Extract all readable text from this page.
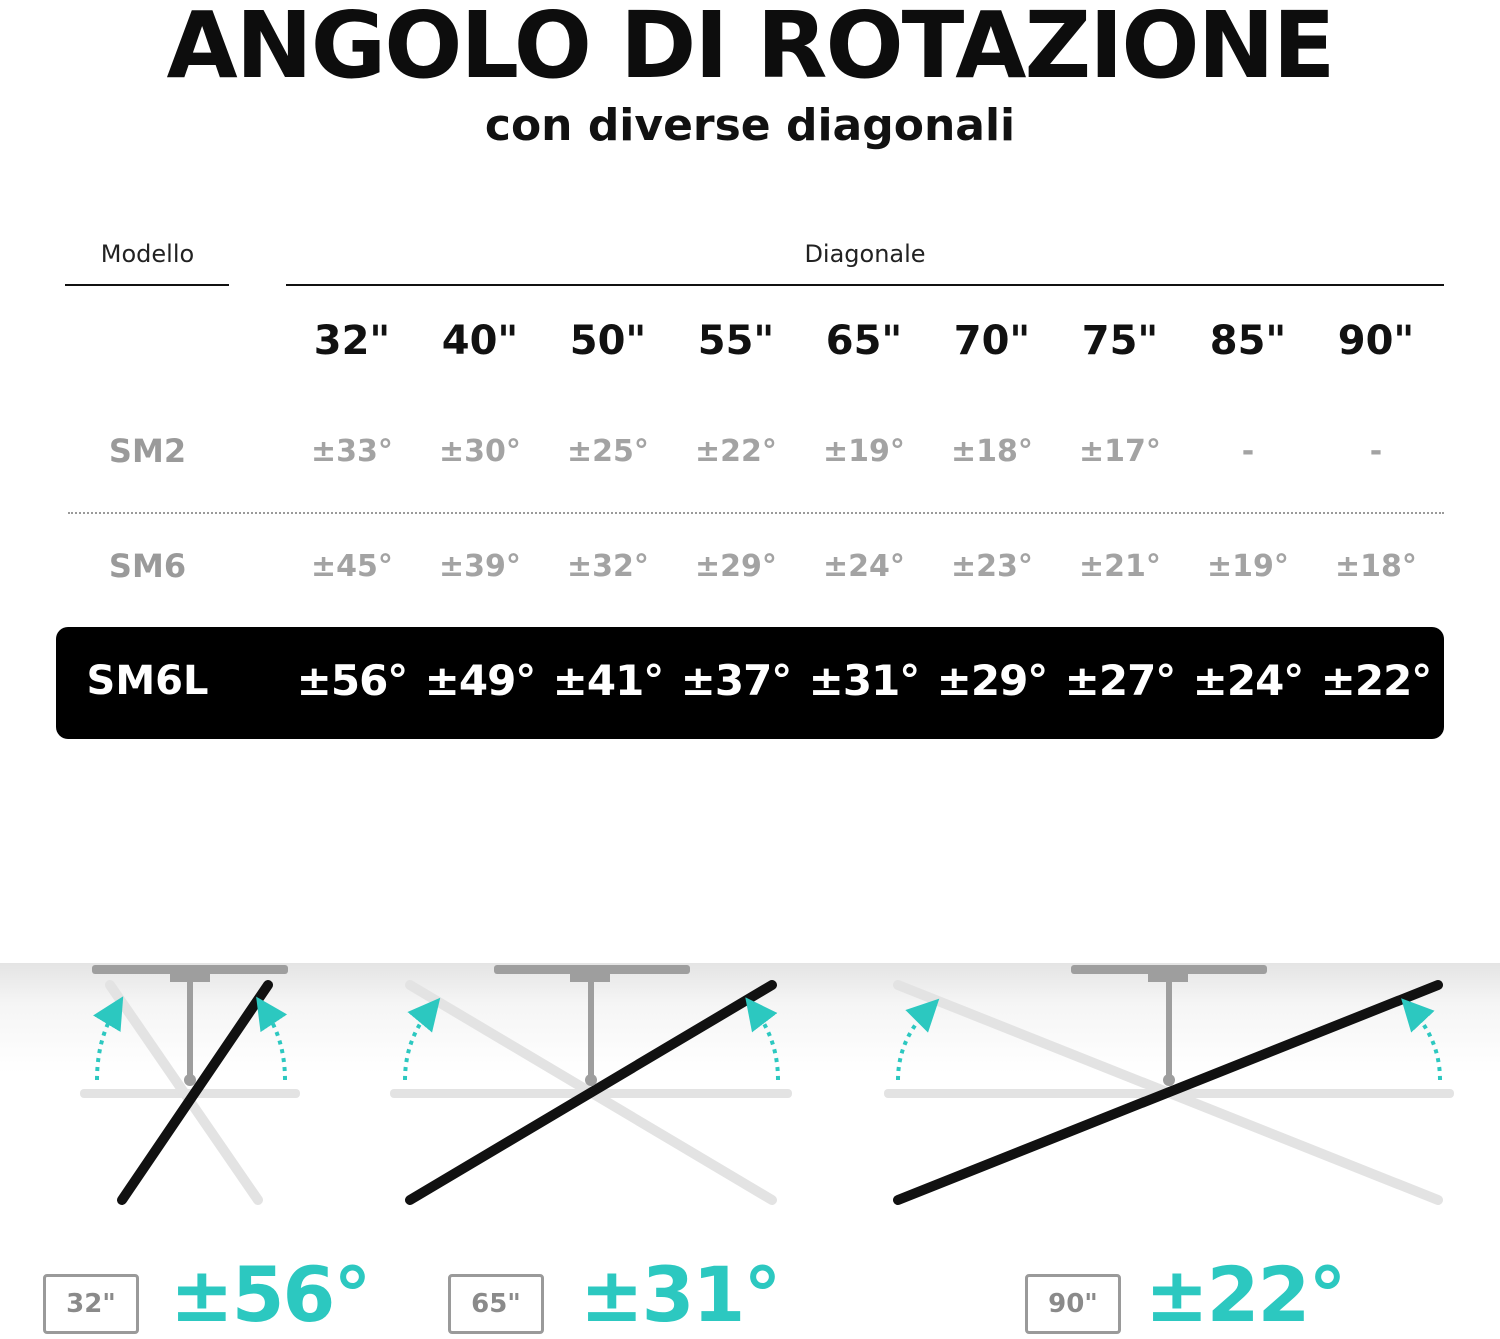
ANGOLO DI ROTAZIONE
con diverse diagonali
Modello	Diagonale
32"	40"	50"	55"	65"	70"	75"	85"	90"
SM2	±33°	±30°	±25°	±22°	±19°	±18°	±17°	-	-
SM6	±45°	±39°	±32°	±29°	±24°	±23°	±21°	±19°	±18°
SM6L	±56° ±49° ±41° ±37° ±31° ±29° ±27° ±24° ±22°
32" ±56°	65" ±31°	90" ±22°
